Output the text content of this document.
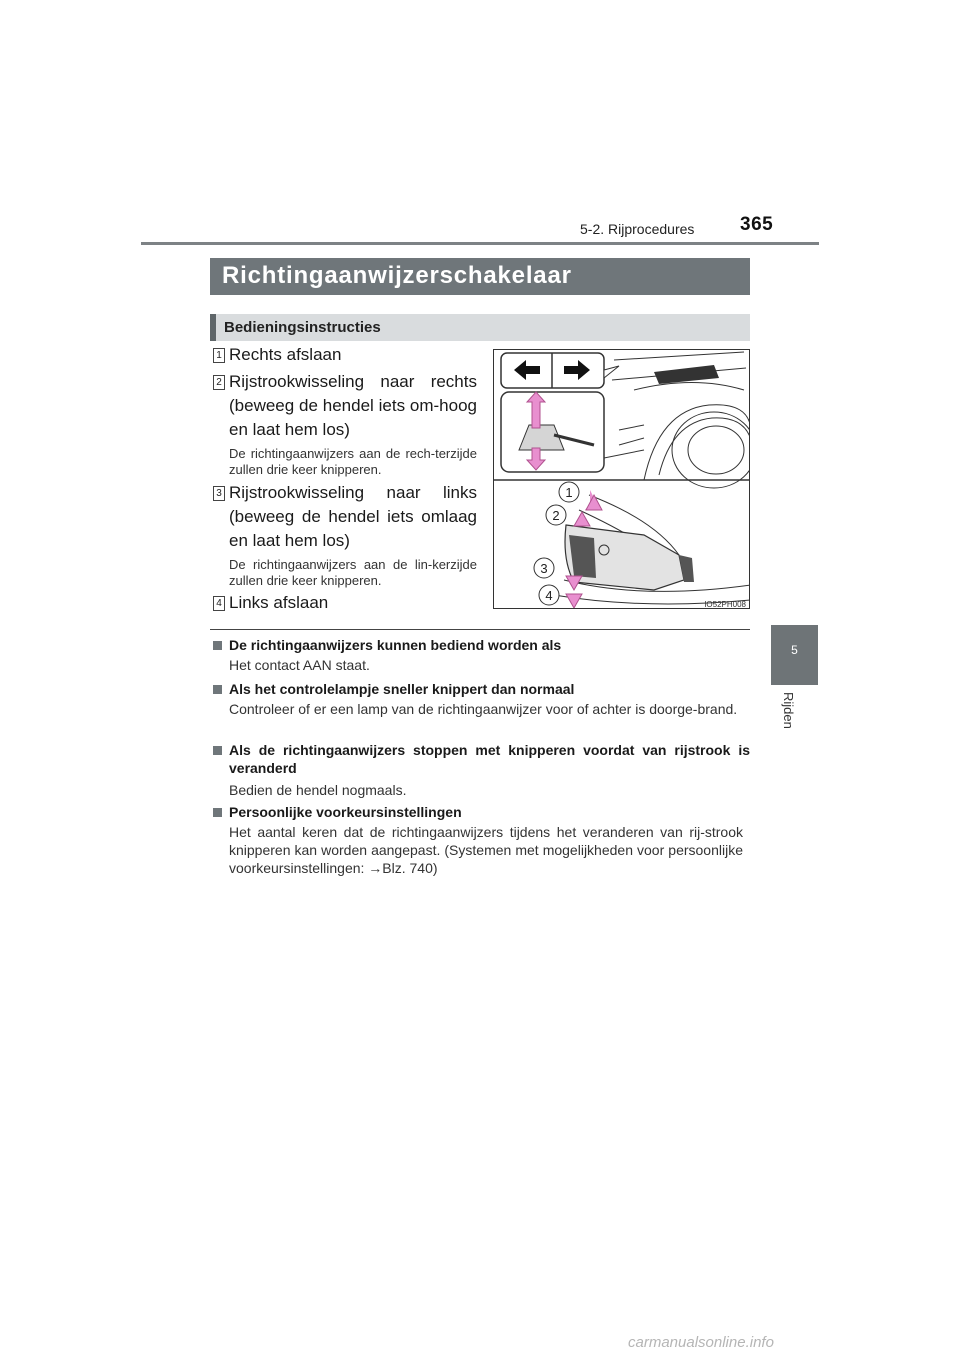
5-2. Rijprocedures 365
5
Rijden
Richtingaanwijzerschakelaar
Bedieningsinstructies
1 Rechts afslaan
2 Rijstrookwisseling naar rechts (beweeg de hendel iets om-hoog en laat hem los)
De richtingaanwijzers aan de rech-terzijde zullen drie keer knipperen.
3 Rijstrookwisseling naar links (beweeg de hendel iets omlaag en laat hem los)
De richtingaanwijzers aan de lin-kerzijde zullen drie keer knipperen.
4 Links afslaan
1
2
3
4
IO52PH008
De richtingaanwijzers kunnen bediend worden als
Het contact AAN staat.
Als het controlelampje sneller knippert dan normaal
Controleer of er een lamp van de richtingaanwijzer voor of achter is doorge-brand.
Als de richtingaanwijzers stoppen met knipperen voordat van rijstrook is veranderd
Bedien de hendel nogmaals.
Persoonlijke voorkeursinstellingen
Het aantal keren dat de richtingaanwijzers tijdens het veranderen van rij-strook knipperen kan worden aangepast. (Systemen met mogelijkheden voor persoonlijke voorkeursinstellingen: →Blz. 740)
carmanualsonline.info
